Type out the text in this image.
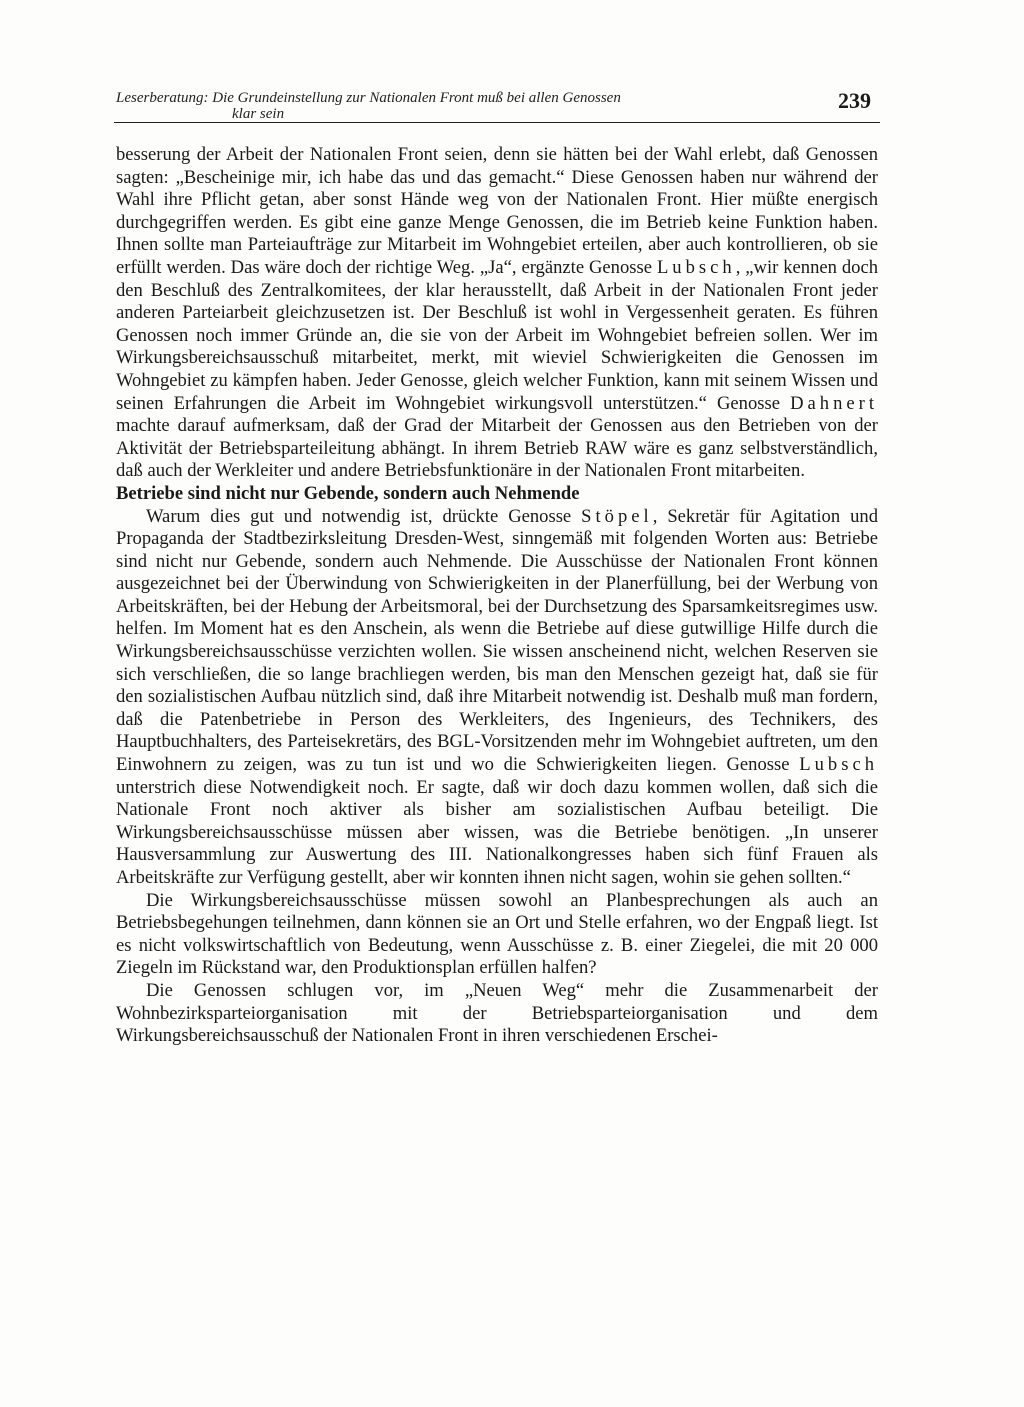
Leserberatung: Die Grundeinstellung zur Nationalen Front muß bei allen Genossen
klar sein
239

besserung der Arbeit der Nationalen Front seien, denn sie hätten bei der Wahl erlebt, daß Genossen sagten: „Bescheinige mir, ich habe das und das gemacht.“ Diese Genossen haben nur während der Wahl ihre Pflicht getan, aber sonst Hände weg von der Nationalen Front. Hier müßte energisch durchgegriffen werden. Es gibt eine ganze Menge Genossen, die im Betrieb keine Funktion haben. Ihnen sollte man Parteiaufträge zur Mitarbeit im Wohngebiet erteilen, aber auch kontrollieren, ob sie erfüllt werden. Das wäre doch der richtige Weg. „Ja“, ergänzte Genosse Lubsch, „wir kennen doch den Beschluß des Zentralkomitees, der klar herausstellt, daß Arbeit in der Nationalen Front jeder anderen Parteiarbeit gleichzusetzen ist. Der Beschluß ist wohl in Vergessenheit geraten. Es führen Genossen noch immer Gründe an, die sie von der Arbeit im Wohngebiet befreien sollen. Wer im Wirkungsbereichsausschuß mitarbeitet, merkt, mit wieviel Schwierigkeiten die Genossen im Wohngebiet zu kämpfen haben. Jeder Genosse, gleich welcher Funktion, kann mit seinem Wissen und seinen Erfahrungen die Arbeit im Wohngebiet wirkungsvoll unterstützen.“ Genosse Dahnert machte darauf aufmerksam, daß der Grad der Mitarbeit der Genossen aus den Betrieben von der Aktivität der Betriebsparteileitung abhängt. In ihrem Betrieb RAW wäre es ganz selbstverständlich, daß auch der Werkleiter und andere Betriebsfunktionäre in der Nationalen Front mitarbeiten.

Betriebe sind nicht nur Gebende, sondern auch Nehmende

Warum dies gut und notwendig ist, drückte Genosse Stöpel, Sekretär für Agitation und Propaganda der Stadtbezirksleitung Dresden-West, sinngemäß mit folgenden Worten aus: Betriebe sind nicht nur Gebende, sondern auch Nehmende. Die Ausschüsse der Nationalen Front können ausgezeichnet bei der Überwindung von Schwierigkeiten in der Planerfüllung, bei der Werbung von Arbeitskräften, bei der Hebung der Arbeitsmoral, bei der Durchsetzung des Sparsamkeitsregimes usw. helfen. Im Moment hat es den Anschein, als wenn die Betriebe auf diese gutwillige Hilfe durch die Wirkungsbereichsausschüsse verzichten wollen. Sie wissen anscheinend nicht, welchen Reserven sie sich verschließen, die so lange brachliegen werden, bis man den Menschen gezeigt hat, daß sie für den sozialistischen Aufbau nützlich sind, daß ihre Mitarbeit notwendig ist. Deshalb muß man fordern, daß die Patenbetriebe in Person des Werkleiters, des Ingenieurs, des Technikers, des Hauptbuchhalters, des Parteisekretärs, des BGL-Vorsitzenden mehr im Wohngebiet auftreten, um den Einwohnern zu zeigen, was zu tun ist und wo die Schwierigkeiten liegen. Genosse Lubsch unterstrich diese Notwendigkeit noch. Er sagte, daß wir doch dazu kommen wollen, daß sich die Nationale Front noch aktiver als bisher am sozialistischen Aufbau beteiligt. Die Wirkungsbereichsausschüsse müssen aber wissen, was die Betriebe benötigen. „In unserer Hausversammlung zur Auswertung des III. Nationalkongresses haben sich fünf Frauen als Arbeitskräfte zur Verfügung gestellt, aber wir konnten ihnen nicht sagen, wohin sie gehen sollten.“

Die Wirkungsbereichsausschüsse müssen sowohl an Planbesprechungen als auch an Betriebsbegehungen teilnehmen, dann können sie an Ort und Stelle erfahren, wo der Engpaß liegt. Ist es nicht volkswirtschaftlich von Bedeutung, wenn Ausschüsse z. B. einer Ziegelei, die mit 20 000 Ziegeln im Rückstand war, den Produktionsplan erfüllen halfen?

Die Genossen schlugen vor, im „Neuen Weg“ mehr die Zusammenarbeit der Wohnbezirksparteiorganisation mit der Betriebsparteiorganisation und dem Wirkungsbereichsausschuß der Nationalen Front in ihren verschiedenen Erschei-
